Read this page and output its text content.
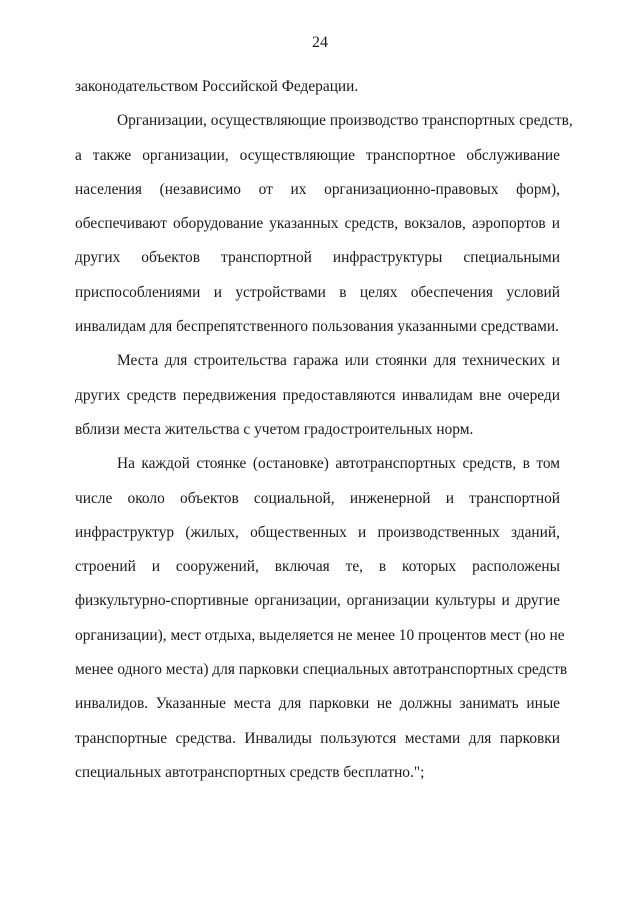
24
законодательством Российской Федерации.
Организации, осуществляющие производство транспортных средств,
а также организации, осуществляющие транспортное обслуживание
населения (независимо от их организационно-правовых форм),
обеспечивают оборудование указанных средств, вокзалов, аэропортов и
других объектов транспортной инфраструктуры специальными
приспособлениями и устройствами в целях обеспечения условий
инвалидам для беспрепятственного пользования указанными средствами.
Места для строительства гаража или стоянки для технических и
других средств передвижения предоставляются инвалидам вне очереди
вблизи места жительства с учетом градостроительных норм.
На каждой стоянке (остановке) автотранспортных средств, в том
числе около объектов социальной, инженерной и транспортной
инфраструктур (жилых, общественных и производственных зданий,
строений и сооружений, включая те, в которых расположены
физкультурно-спортивные организации, организации культуры и другие
организации), мест отдыха, выделяется не менее 10 процентов мест (но не
менее одного места) для парковки специальных автотранспортных средств
инвалидов. Указанные места для парковки не должны занимать иные
транспортные средства. Инвалиды пользуются местами для парковки
специальных автотранспортных средств бесплатно.";
